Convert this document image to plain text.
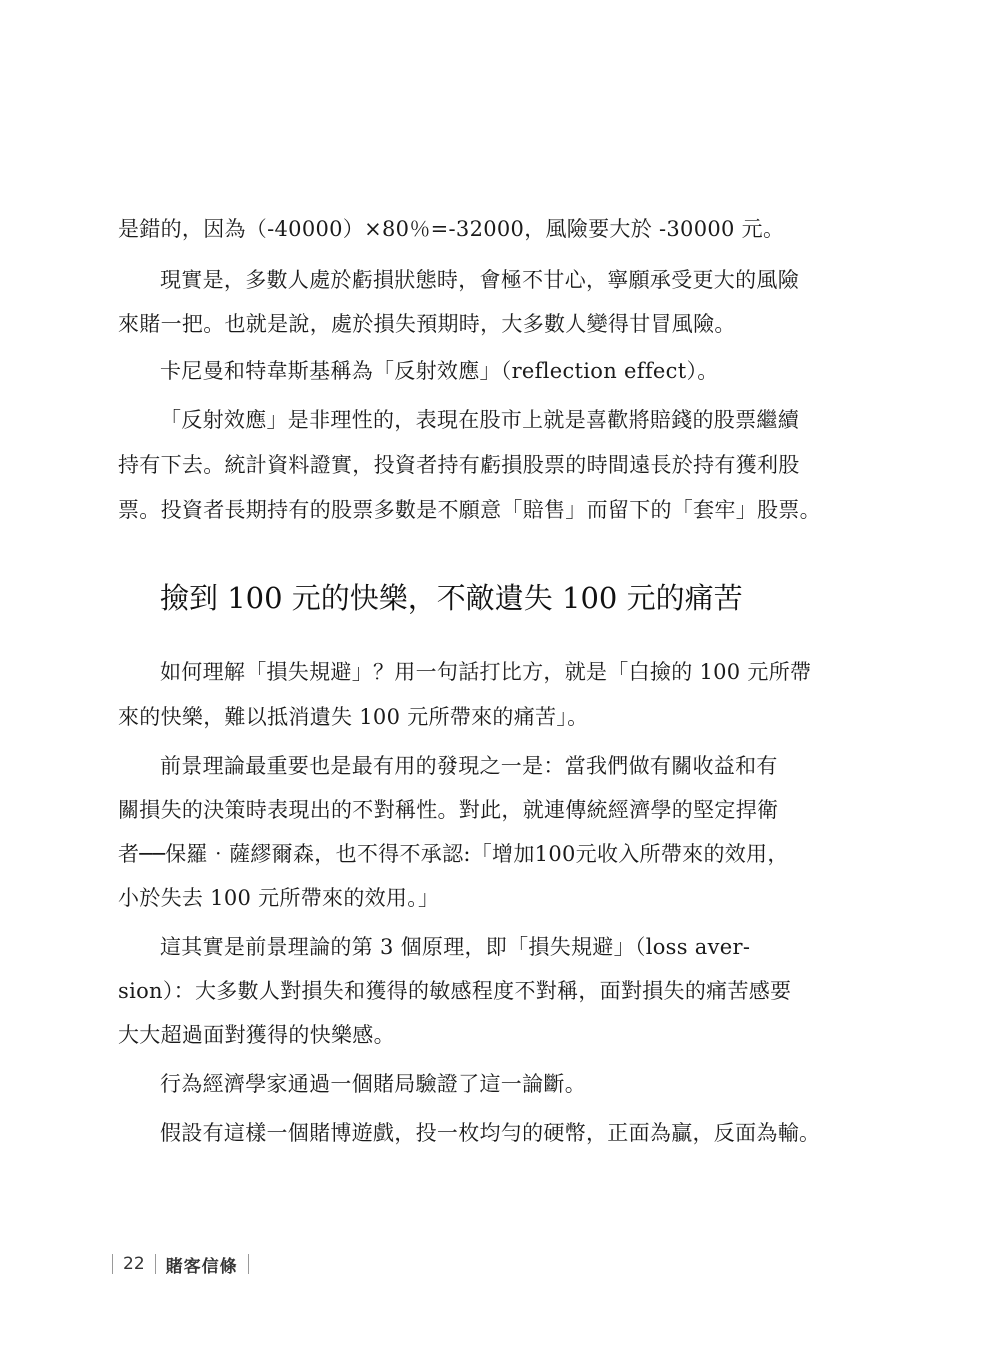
是錯的，因為（-40000）×80％=-32000，風險要大於 -30000 元。
現實是，多數人處於虧損狀態時，會極不甘心，寧願承受更大的風險
來賭一把。也就是說，處於損失預期時，大多數人變得甘冒風險。
卡尼曼和特韋斯基稱為「反射效應」（reflection effect）。
「反射效應」是非理性的，表現在股市上就是喜歡將賠錢的股票繼續
持有下去。統計資料證實，投資者持有虧損股票的時間遠長於持有獲利股
票。投資者長期持有的股票多數是不願意「賠售」而留下的「套牢」股票。
撿到 100 元的快樂，不敵遺失 100 元的痛苦
如何理解「損失規避」？用一句話打比方，就是「白撿的 100 元所帶
來的快樂，難以抵消遺失 100 元所帶來的痛苦」。
前景理論最重要也是最有用的發現之一是：當我們做有關收益和有
關損失的決策時表現出的不對稱性。對此，就連傳統經濟學的堅定捍衛
者──保羅‧薩繆爾森，也不得不承認:「增加100元收入所帶來的效用，
小於失去 100 元所帶來的效用。」
這其實是前景理論的第 3 個原理，即「損失規避」（loss aver-
sion）：大多數人對損失和獲得的敏感程度不對稱，面對損失的痛苦感要
大大超過面對獲得的快樂感。
行為經濟學家通過一個賭局驗證了這一論斷。
假設有這樣一個賭博遊戲，投一枚均勻的硬幣，正面為贏，反面為輸。
22	賭客信條
